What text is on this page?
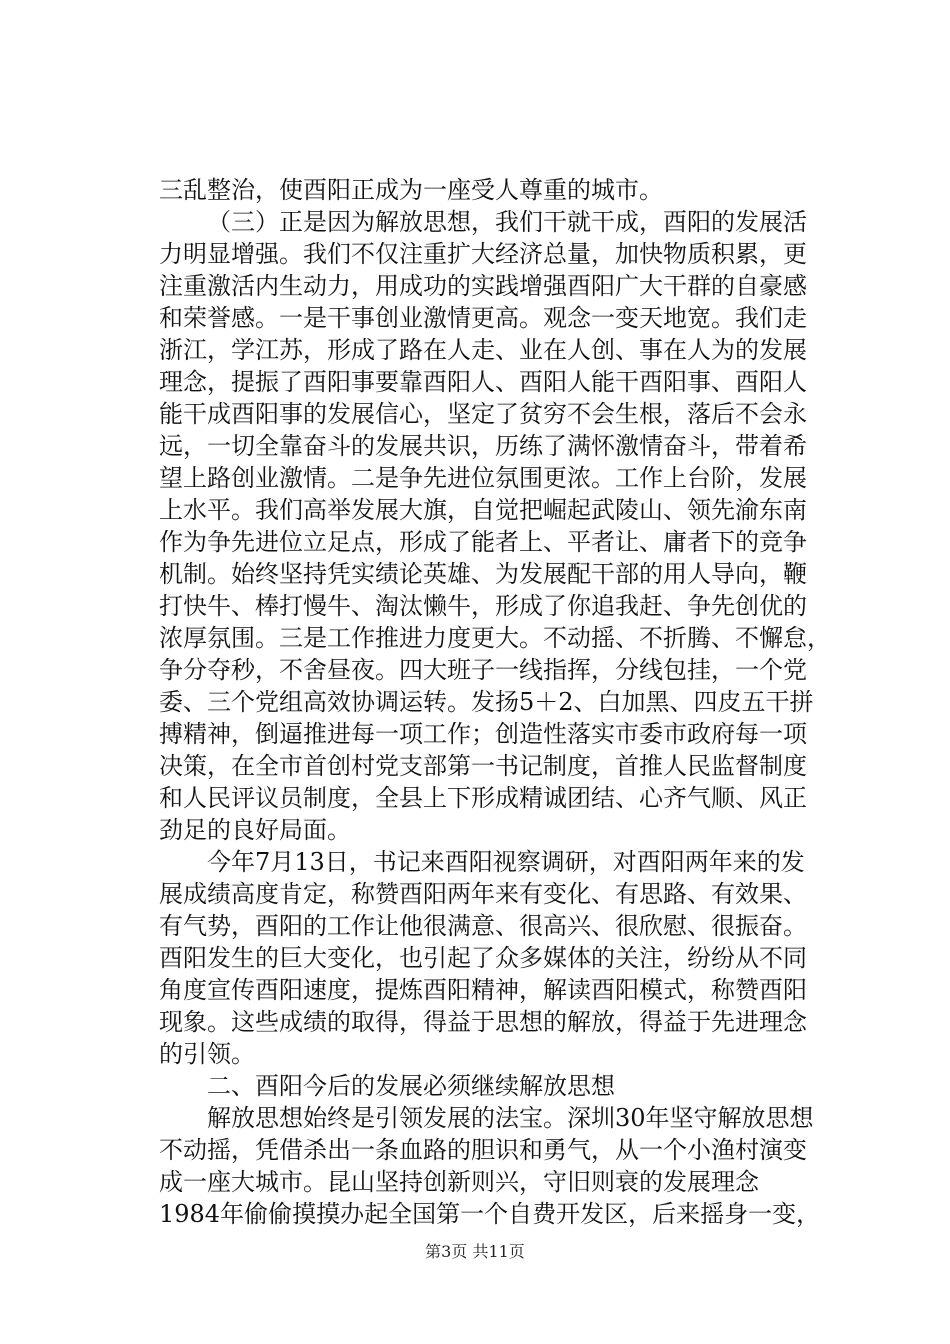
三乱整治，使酉阳正成为一座受人尊重的城市。
（三）正是因为解放思想，我们干就干成，酉阳的发展活
力明显增强。我们不仅注重扩大经济总量，加快物质积累，更
注重激活内生动力，用成功的实践增强酉阳广大干群的自豪感
和荣誉感。一是干事创业激情更高。观念一变天地宽。我们走
浙江，学江苏，形成了路在人走、业在人创、事在人为的发展
理念，提振了酉阳事要靠酉阳人、酉阳人能干酉阳事、酉阳人
能干成酉阳事的发展信心，坚定了贫穷不会生根，落后不会永
远，一切全靠奋斗的发展共识，历练了满怀激情奋斗，带着希
望上路创业激情。二是争先进位氛围更浓。工作上台阶，发展
上水平。我们高举发展大旗，自觉把崛起武陵山、领先渝东南
作为争先进位立足点，形成了能者上、平者让、庸者下的竞争
机制。始终坚持凭实绩论英雄、为发展配干部的用人导向，鞭
打快牛、棒打慢牛、淘汰懒牛，形成了你追我赶、争先创优的
浓厚氛围。三是工作推进力度更大。不动摇、不折腾、不懈怠，
争分夺秒，不舍昼夜。四大班子一线指挥，分线包挂，一个党
委、三个党组高效协调运转。发扬5＋2、白加黑、四皮五干拼
搏精神，倒逼推进每一项工作；创造性落实市委市政府每一项
决策，在全市首创村党支部第一书记制度，首推人民监督制度
和人民评议员制度，全县上下形成精诚团结、心齐气顺、风正
劲足的良好局面。
今年7月13日，书记来酉阳视察调研，对酉阳两年来的发
展成绩高度肯定，称赞酉阳两年来有变化、有思路、有效果、
有气势，酉阳的工作让他很满意、很高兴、很欣慰、很振奋。
酉阳发生的巨大变化，也引起了众多媒体的关注，纷纷从不同
角度宣传酉阳速度，提炼酉阳精神，解读酉阳模式，称赞酉阳
现象。这些成绩的取得，得益于思想的解放，得益于先进理念
的引领。
二、酉阳今后的发展必须继续解放思想
解放思想始终是引领发展的法宝。深圳30年坚守解放思想
不动摇，凭借杀出一条血路的胆识和勇气，从一个小渔村演变
成一座大城市。昆山坚持创新则兴，守旧则衰的发展理念
1984年偷偷摸摸办起全国第一个自费开发区，后来摇身一变，
第3页 共11页
